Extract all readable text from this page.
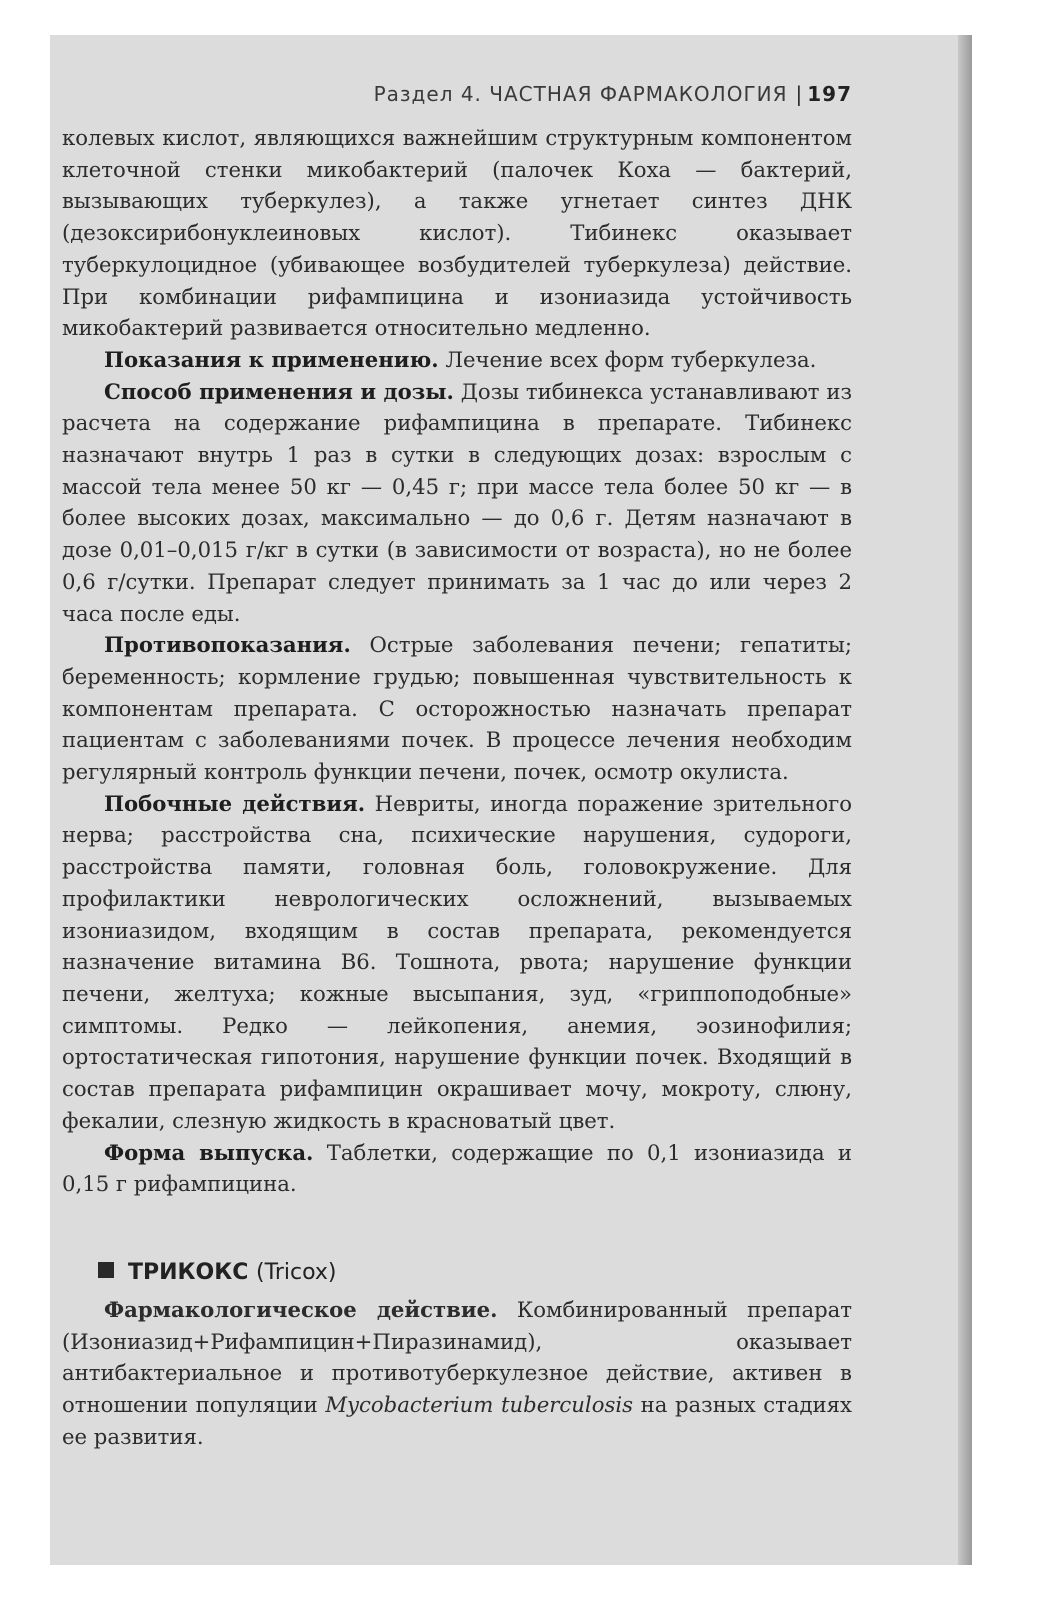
Раздел 4. ЧАСТНАЯ ФАРМАКОЛОГИЯ | 197

колевых кислот, являющихся важнейшим структурным компонентом клеточной стенки микобактерий (палочек Коха — бактерий, вызывающих туберкулез), а также угнетает синтез ДНК (дезоксирибонуклеиновых кислот). Тибинекс оказывает туберкулоцидное (убивающее возбудителей туберкулеза) действие. При комбинации рифампицина и изониазида устойчивость микобактерий развивается относительно медленно.

Показания к применению. Лечение всех форм туберкулеза.

Способ применения и дозы. Дозы тибинекса устанавливают из расчета на содержание рифампицина в препарате. Тибинекс назначают внутрь 1 раз в сутки в следующих дозах: взрослым с массой тела менее 50 кг — 0,45 г; при массе тела более 50 кг — в более высоких дозах, максимально — до 0,6 г. Детям назначают в дозе 0,01–0,015 г/кг в сутки (в зависимости от возраста), но не более 0,6 г/сутки. Препарат следует принимать за 1 час до или через 2 часа после еды.

Противопоказания. Острые заболевания печени; гепатиты; беременность; кормление грудью; повышенная чувствительность к компонентам препарата. С осторожностью назначать препарат пациентам с заболеваниями почек. В процессе лечения необходим регулярный контроль функции печени, почек, осмотр окулиста.

Побочные действия. Невриты, иногда поражение зрительного нерва; расстройства сна, психические нарушения, судороги, расстройства памяти, головная боль, головокружение. Для профилактики неврологических осложнений, вызываемых изониазидом, входящим в состав препарата, рекомендуется назначение витамина В6. Тошнота, рвота; нарушение функции печени, желтуха; кожные высыпания, зуд, «гриппоподобные» симптомы. Редко — лейкопения, анемия, эозинофилия; ортостатическая гипотония, нарушение функции почек. Входящий в состав препарата рифампицин окрашивает мочу, мокроту, слюну, фекалии, слезную жидкость в красноватый цвет.

Форма выпуска. Таблетки, содержащие по 0,1 изониазида и 0,15 г рифампицина.

ТРИКОКС (Tricox)

Фармакологическое действие. Комбинированный препарат (Изониазид+Рифампицин+Пиразинамид), оказывает антибактериальное и противотуберкулезное действие, активен в отношении популяции Mycobacterium tuberculosis на разных стадиях ее развития.
